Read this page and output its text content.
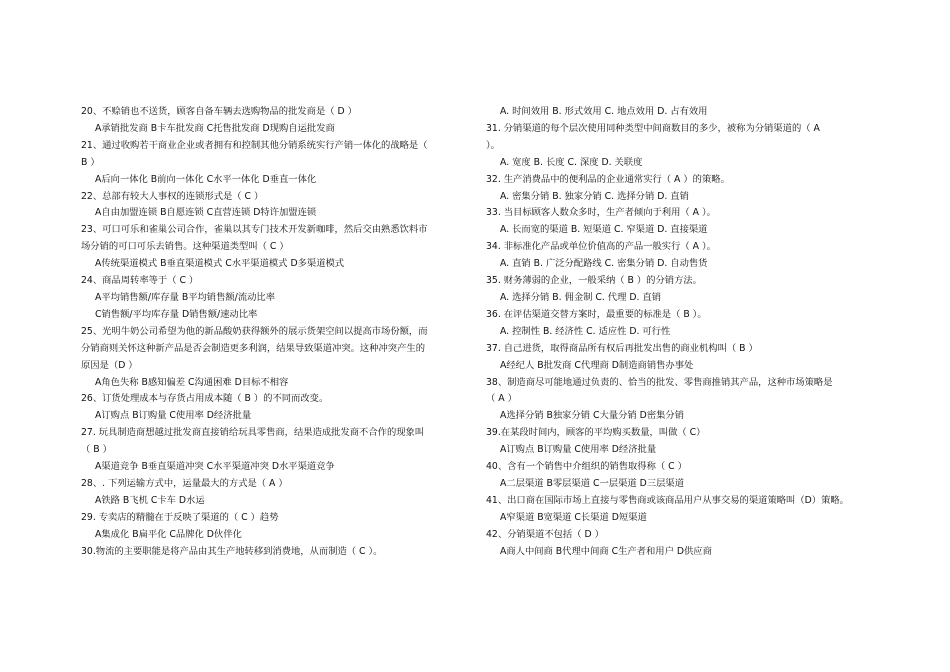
20、不赊销也不送货，顾客自备车辆去选购物品的批发商是（ D ）
A承销批发商 B卡车批发商 C托售批发商 D现购自运批发商
21、通过收购若干商业企业或者拥有和控制其他分销系统实行产销一体化的战略是（
B ）
A后向一体化 B前向一体化 C水平一体化 D垂直一体化
22、总部有较大人事权的连锁形式是（ C ）
A自由加盟连锁 B自愿连锁 C直营连锁 D特许加盟连锁
23、可口可乐和雀巢公司合作，雀巢以其专门技术开发新咖啡，然后交由熟悉饮料市
场分销的可口可乐去销售。这种渠道类型叫（ C ）
A传统渠道模式 B垂直渠道模式 C水平渠道模式 D多渠道模式
24、商品周转率等于（ C ）
A平均销售额/库存量 B平均销售额/流动比率
C销售额/平均库存量 D销售额/速动比率
25、光明牛奶公司希望为他的新品酸奶获得额外的展示货架空间以提高市场份额，而
分销商则关怀这种新产品是否会制造更多利润，结果导致渠道冲突。这种冲突产生的
原因是（D ）
A角色失称 B感知偏差 C沟通困难 D目标不相容
26、订货处理成本与存货占用成本随（ B ）的不同而改变。
A订购点 B订购量 C使用率 D经济批量
27. 玩具制造商想越过批发商直接销给玩具零售商，结果造成批发商不合作的现象叫
（ B ）
A渠道竞争 B垂直渠道冲突 C水平渠道冲突 D水平渠道竞争
28、. 下列运输方式中，运量最大的方式是（ A ）
A铁路 B飞机 C卡车 D水运
29. 专卖店的精髓在于反映了渠道的（ C ）趋势
A集成化 B扁平化 C品牌化 D伙伴化
30.物流的主要职能是将产品由其生产地转移到消费地，从而制造（ C ）。
A. 时间效用 B. 形式效用 C. 地点效用 D. 占有效用
31. 分销渠道的每个层次使用同种类型中间商数目的多少，被称为分销渠道的（ A
）。
A. 宽度 B. 长度 C. 深度 D. 关联度
32. 生产消费品中的便利品的企业通常实行（ A ）的策略。
A. 密集分销 B. 独家分销 C. 选择分销 D. 直销
33. 当目标顾客人数众多时，生产者倾向于利用（ A ）。
A. 长而宽的渠道 B. 短渠道 C. 窄渠道 D. 直接渠道
34. 非标准化产品或单位价值高的产品一般实行（ A ）。
A. 直销 B. 广泛分配路线 C. 密集分销 D. 自动售货
35. 财务薄弱的企业，一般采纳（ B ）的分销方法。
A. 选择分销 B. 佣金制 C. 代理 D. 直销
36. 在评估渠道交替方案时，最重要的标准是（ B ）。
A. 控制性 B. 经济性 C. 适应性 D. 可行性
37. 自己进货，取得商品所有权后再批发出售的商业机构叫（ B ）
A经纪人 B批发商 C代理商 D制造商销售办事处
38、制造商尽可能地通过负责的、恰当的批发、零售商推销其产品，这种市场策略是
（ A ）
A选择分销 B独家分销 C大量分销 D密集分销
39.在某段时间内，顾客的平均购买数量，叫做（ C）
A订购点 B订购量 C使用率 D经济批量
40、含有一个销售中介组织的销售取得称（ C ）
A二层渠道 B零层渠道 C一层渠道 D三层渠道
41、出口商在国际市场上直接与零售商或该商品用户从事交易的渠道策略叫（D）策略。
A窄渠道 B宽渠道 C长渠道 D短渠道
42、分销渠道不包括（ D ）
A商人中间商 B代理中间商 C生产者和用户 D供应商
